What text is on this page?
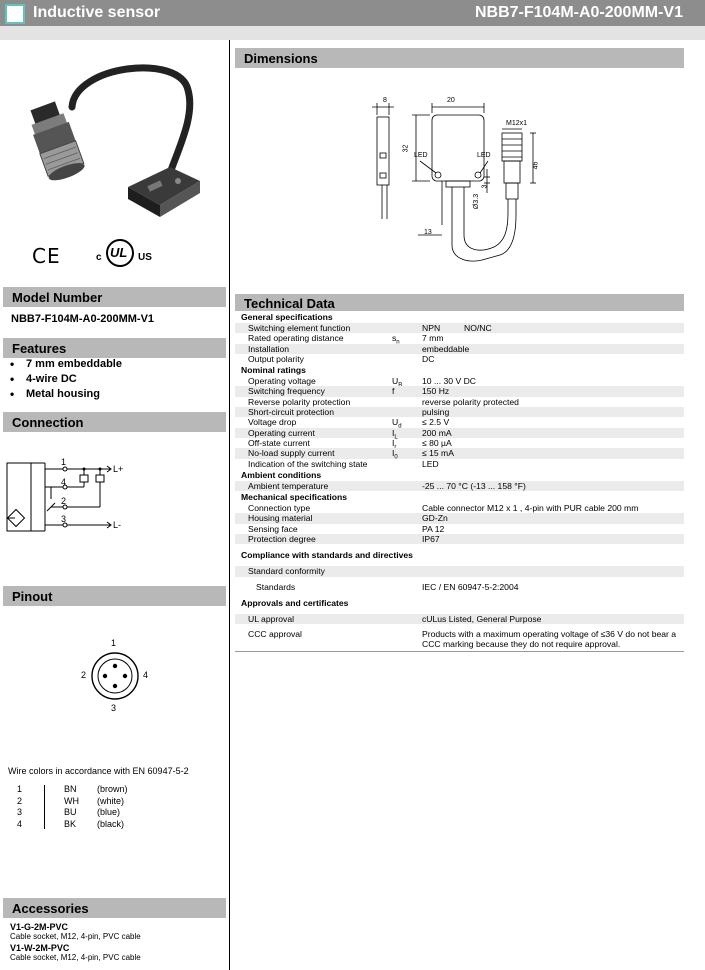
Inductive sensor	NBB7-F104M-A0-200MM-V1
CE	c UL US
Model Number
NBB7-F104M-A0-200MM-V1
Features
• 7 mm embeddable
• 4-wire DC
• Metal housing
Connection
1
4
2
3
L+
L-
Pinout
1
2
3
4
Wire colors in accordance with EN 60947-5-2
1	BN (brown)
2	WH (white)
3	BU (blue)
4	BK (black)
Accessories
V1-G-2M-PVC
Cable socket, M12, 4-pin, PVC cable
V1-W-2M-PVC
Cable socket, M12, 4-pin, PVC cable
Dimensions
8	20
M12x1
32
46
LED	LED
3
Ø3.3
13
Technical Data
General specifications
Switching element function	NPN          NO/NC
Rated operating distance	s	7 mm
Installation	embeddable
Output polarity	DC
Nominal ratings
Operating voltage	U	10 ... 30 V DC
Switching frequency	f	150 Hz
Reverse polarity protection	reverse polarity protected
Short-circuit protection	pulsing
Voltage drop	U	≤ 2.5 V
Operating current	$I_L$	200 mA
Off-state current	I	≤ 80 µA
No-load supply current	$I_0$	≤ 15 mA
Indication of the switching state	LED
Ambient conditions
Ambient temperature	-25 ... 70 °C (-13 ... 158 °F)
Mechanical specifications
Connection type	Cable connector M12 x 1 , 4-pin with PUR cable 200 mm
Housing material	GD-Zn
Sensing face	PA 12
Protection degree	IP67
Compliance with standards and directives
Standard conformity
Standards	IEC / EN 60947-5-2:2004
Approvals and certificates
UL approval	cULus Listed, General Purpose
CCC approval	Products with a maximum operating voltage of ≤36 V do not bear a
CCC marking because they do not require approval.
